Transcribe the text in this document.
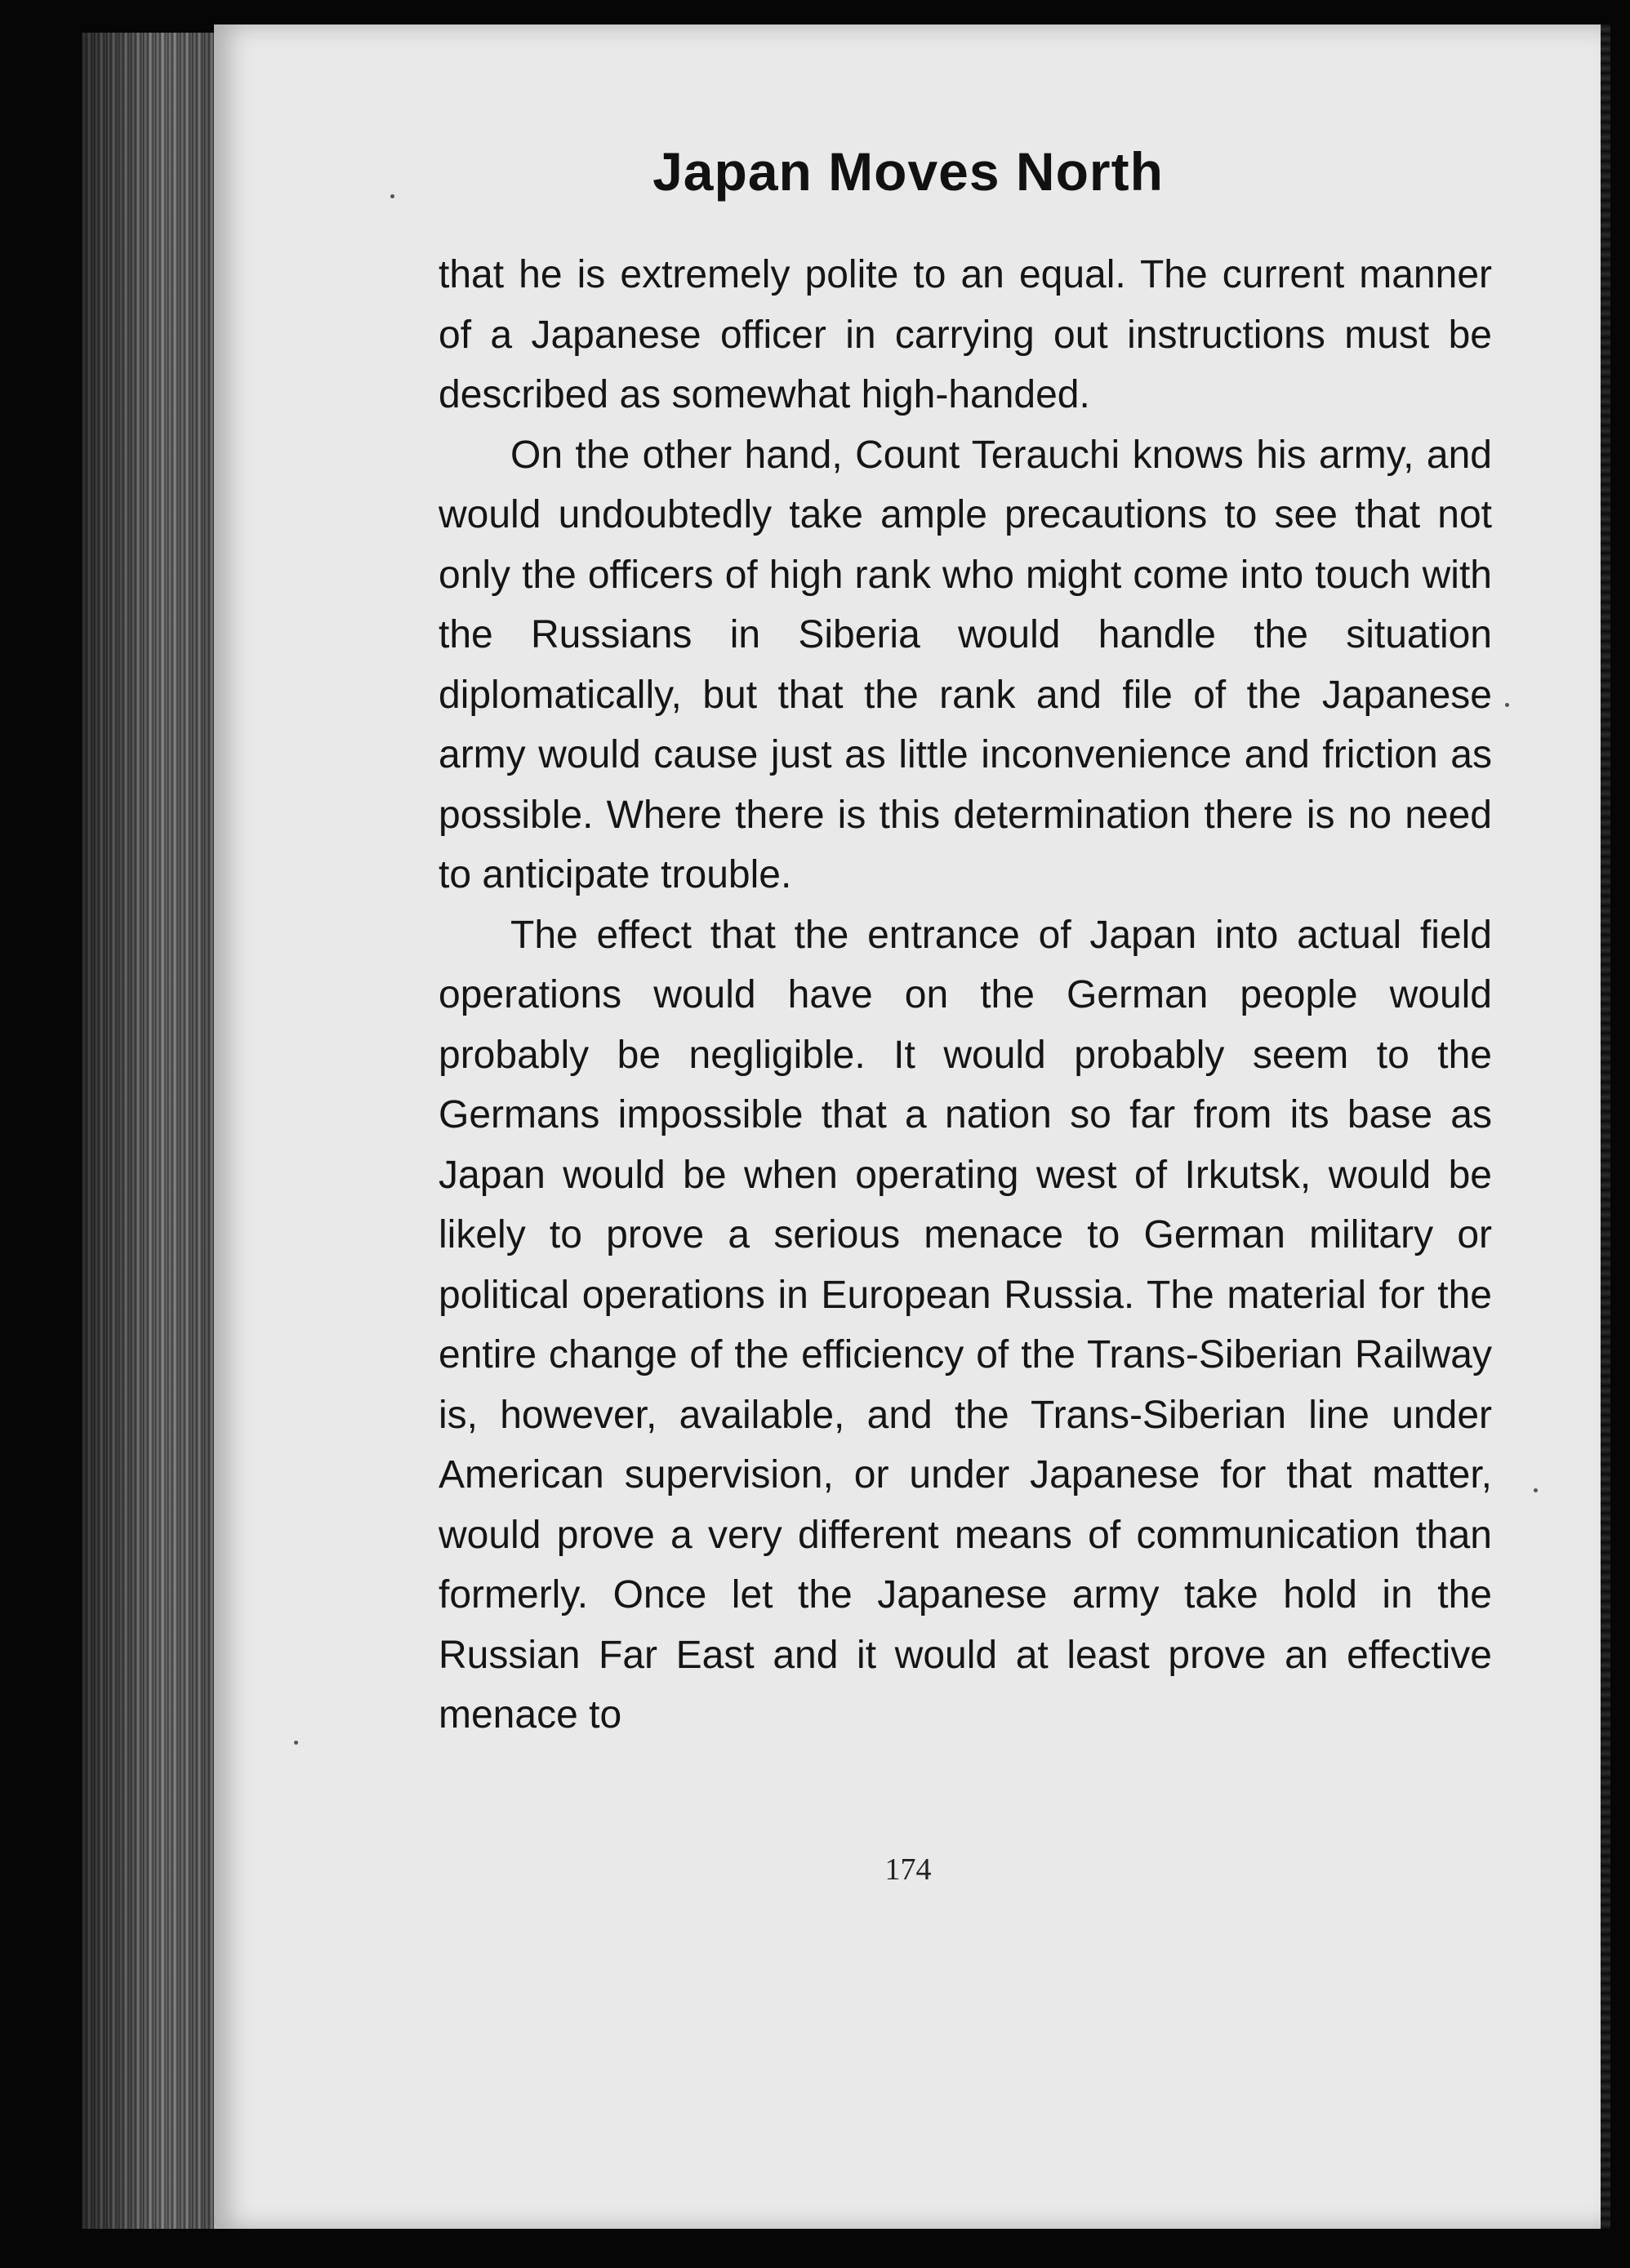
Japan Moves North

that he is extremely polite to an equal. The current manner of a Japanese officer in carrying out instructions must be described as somewhat high-handed.

On the other hand, Count Terauchi knows his army, and would undoubtedly take ample precautions to see that not only the officers of high rank who might come into touch with the Russians in Siberia would handle the situation diplomatically, but that the rank and file of the Japanese army would cause just as little inconvenience and friction as possible. Where there is this determination there is no need to anticipate trouble.

The effect that the entrance of Japan into actual field operations would have on the German people would probably be negligible. It would probably seem to the Germans impossible that a nation so far from its base as Japan would be when operating west of Irkutsk, would be likely to prove a serious menace to German military or political operations in European Russia. The material for the entire change of the efficiency of the Trans-Siberian Railway is, however, available, and the Trans-Siberian line under American supervision, or under Japanese for that matter, would prove a very different means of communication than formerly. Once let the Japanese army take hold in the Russian Far East and it would at least prove an effective menace to

174
